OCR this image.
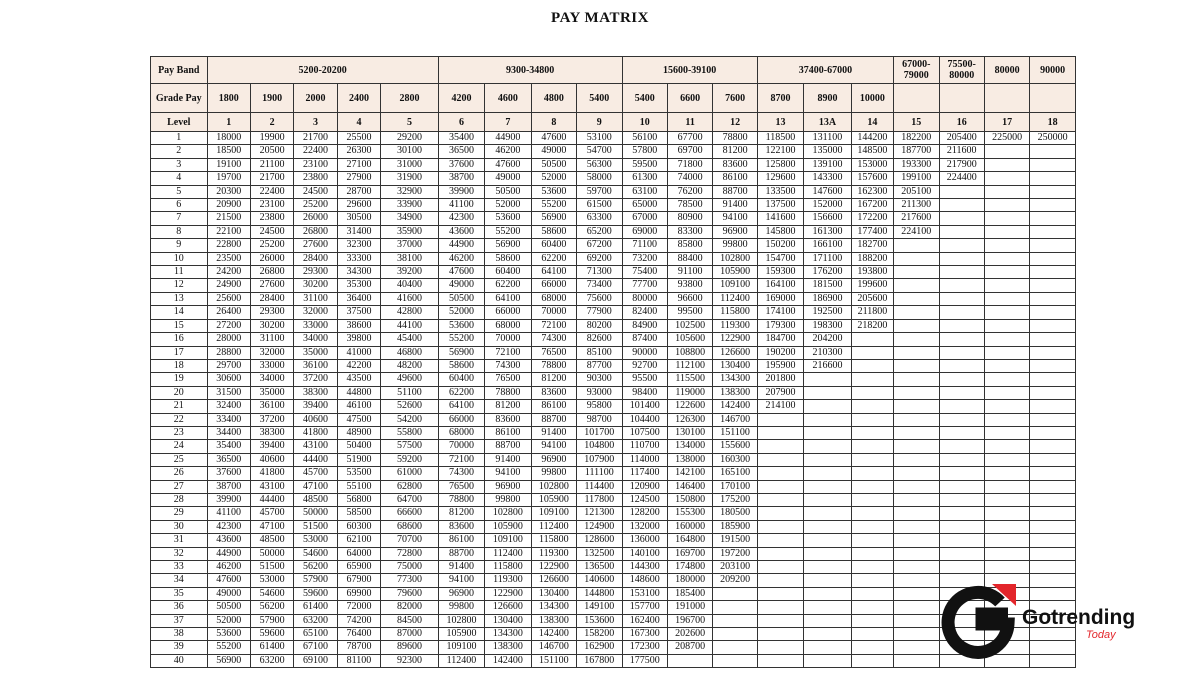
PAY MATRIX
Pay Band	5200-20200					9300-34800				15600-39100			37400-67000			67000-79000	75500-80000	80000	90000
Grade Pay	1800	1900	2000	2400	2800	4200	4600	4800	5400	5400	6600	7600	8700	8900	10000				
Level	1	2	3	4	5	6	7	8	9	10	11	12	13	13A	14	15	16	17	18
1	18000	19900	21700	25500	29200	35400	44900	47600	53100	56100	67700	78800	118500	131100	144200	182200	205400	225000	250000
2	18500	20500	22400	26300	30100	36500	46200	49000	54700	57800	69700	81200	122100	135000	148500	187700	211600		
3	19100	21100	23100	27100	31000	37600	47600	50500	56300	59500	71800	83600	125800	139100	153000	193300	217900		
4	19700	21700	23800	27900	31900	38700	49000	52000	58000	61300	74000	86100	129600	143300	157600	199100	224400		
5	20300	22400	24500	28700	32900	39900	50500	53600	59700	63100	76200	88700	133500	147600	162300	205100			
6	20900	23100	25200	29600	33900	41100	52000	55200	61500	65000	78500	91400	137500	152000	167200	211300			
7	21500	23800	26000	30500	34900	42300	53600	56900	63300	67000	80900	94100	141600	156600	172200	217600			
8	22100	24500	26800	31400	35900	43600	55200	58600	65200	69000	83300	96900	145800	161300	177400	224100			
9	22800	25200	27600	32300	37000	44900	56900	60400	67200	71100	85800	99800	150200	166100	182700				
10	23500	26000	28400	33300	38100	46200	58600	62200	69200	73200	88400	102800	154700	171100	188200				
11	24200	26800	29300	34300	39200	47600	60400	64100	71300	75400	91100	105900	159300	176200	193800				
12	24900	27600	30200	35300	40400	49000	62200	66000	73400	77700	93800	109100	164100	181500	199600				
13	25600	28400	31100	36400	41600	50500	64100	68000	75600	80000	96600	112400	169000	186900	205600				
14	26400	29300	32000	37500	42800	52000	66000	70000	77900	82400	99500	115800	174100	192500	211800				
15	27200	30200	33000	38600	44100	53600	68000	72100	80200	84900	102500	119300	179300	198300	218200				
16	28000	31100	34000	39800	45400	55200	70000	74300	82600	87400	105600	122900	184700	204200					
17	28800	32000	35000	41000	46800	56900	72100	76500	85100	90000	108800	126600	190200	210300					
18	29700	33000	36100	42200	48200	58600	74300	78800	87700	92700	112100	130400	195900	216600					
19	30600	34000	37200	43500	49600	60400	76500	81200	90300	95500	115500	134300	201800						
20	31500	35000	38300	44800	51100	62200	78800	83600	93000	98400	119000	138300	207900						
21	32400	36100	39400	46100	52600	64100	81200	86100	95800	101400	122600	142400	214100						
22	33400	37200	40600	47500	54200	66000	83600	88700	98700	104400	126300	146700							
23	34400	38300	41800	48900	55800	68000	86100	91400	101700	107500	130100	151100							
24	35400	39400	43100	50400	57500	70000	88700	94100	104800	110700	134000	155600							
25	36500	40600	44400	51900	59200	72100	91400	96900	107900	114000	138000	160300							
26	37600	41800	45700	53500	61000	74300	94100	99800	111100	117400	142100	165100							
27	38700	43100	47100	55100	62800	76500	96900	102800	114400	120900	146400	170100							
28	39900	44400	48500	56800	64700	78800	99800	105900	117800	124500	150800	175200							
29	41100	45700	50000	58500	66600	81200	102800	109100	121300	128200	155300	180500							
30	42300	47100	51500	60300	68600	83600	105900	112400	124900	132000	160000	185900							
31	43600	48500	53000	62100	70700	86100	109100	115800	128600	136000	164800	191500							
32	44900	50000	54600	64000	72800	88700	112400	119300	132500	140100	169700	197200							
33	46200	51500	56200	65900	75000	91400	115800	122900	136500	144300	174800	203100							
34	47600	53000	57900	67900	77300	94100	119300	126600	140600	148600	180000	209200							
35	49000	54600	59600	69900	79600	96900	122900	130400	144800	153100	185400								
36	50500	56200	61400	72000	82000	99800	126600	134300	149100	157700	191000								
37	52000	57900	63200	74200	84500	102800	130400	138300	153600	162400	196700								
38	53600	59600	65100	76400	87000	105900	134300	142400	158200	167300	202600								
39	55200	61400	67100	78700	89600	109100	138300	146700	162900	172300	208700								
40	56900	63200	69100	81100	92300	112400	142400	151100	167800	177500									
Gotrending
Today
